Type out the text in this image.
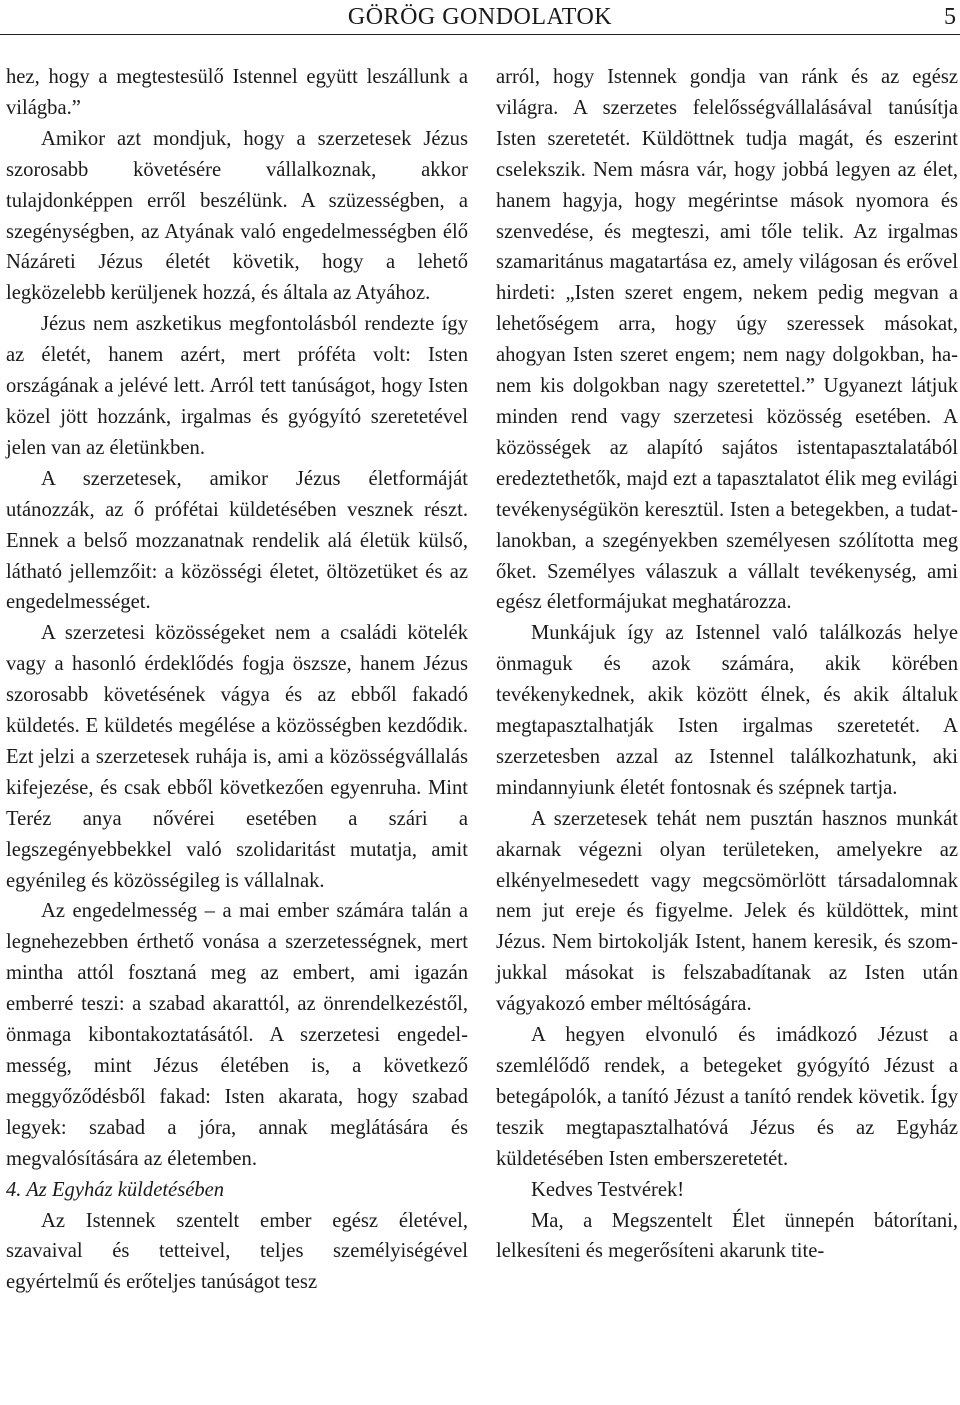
GÖRÖG GONDOLATOK	5

hez, hogy a megtestesülő Istennel együtt leszállunk a világba.”

Amikor azt mondjuk, hogy a szerzetesek Jézus szorosabb követésére vállalkoznak, akkor tulajdonképpen erről beszélünk. A szüzességben, a szegénységben, az Atyának való engedelmességben élő Názáreti Jézus életét követik, hogy a lehető legközelebb kerüljenek hozzá, és általa az Atyához.

Jézus nem aszketikus megfontolásból rendezte így az életét, hanem azért, mert próféta volt: Isten országának a jelévé lett. Arról tett tanúságot, hogy Isten közel jött hozzánk, irgalmas és gyógyító szeretetével jelen van az életünkben.

A szerzetesek, amikor Jézus életformáját utánozzák, az ő prófétai küldetésében vesznek részt. Ennek a belső mozzanatnak rendelik alá életük külső, látható jellemzőit: a közösségi életet, öltözetüket és az engedelmességet.

A szerzetesi közösségeket nem a családi kötelék vagy a hasonló érdeklődés fogja öszsze, hanem Jézus szorosabb követésének vágya és az ebből fakadó küldetés. E küldetés megélése a közösségben kezdődik. Ezt jelzi a szerzetesek ruhája is, ami a közösségvállalás kifejezése, és csak ebből következően egyenruha. Mint Teréz anya nővérei esetében a szári a legszegényebbekkel való szolidaritást mutatja, amit egyénileg és közösségileg is vállalnak.

Az engedelmesség – a mai ember számára talán a legnehezebben érthető vonása a szerzetességnek, mert mintha attól fosztaná meg az embert, ami igazán emberré teszi: a szabad akarattól, az önrendelkezéstől, önmaga kibontakoztatásától. A szerzetesi engedelmesség, mint Jézus életében is, a következő meggyőződésből fakad: Isten akarata, hogy szabad legyek: szabad a jóra, annak meglátására és megvalósítására az életemben.

4. Az Egyház küldetésében

Az Istennek szentelt ember egész életével, szavaival és tetteivel, teljes személyiségével egyértelmű és erőteljes tanúságot tesz

arról, hogy Istennek gondja van ránk és az egész világra. A szerzetes felelősségvállalásával tanúsítja Isten szeretetét. Küldöttnek tudja magát, és eszerint cselekszik. Nem másra vár, hogy jobbá legyen az élet, hanem hagyja, hogy megérintse mások nyomora és szenvedése, és megteszi, ami tőle telik. Az irgalmas szamaritánus magatartása ez, amely világosan és erővel hirdeti: „Isten szeret engem, nekem pedig megvan a lehetőségem arra, hogy úgy szeressek másokat, ahogyan Isten szeret engem; nem nagy dolgokban, hanem kis dolgokban nagy szeretettel.” Ugyanezt látjuk minden rend vagy szerzetesi közösség esetében. A közösségek az alapító sajátos istentapasztalatából eredeztethetők, majd ezt a tapasztalatot élik meg evilági tevékenységükön keresztül. Isten a betegekben, a tudatlanokban, a szegényekben személyesen szólította meg őket. Személyes válaszuk a vállalt tevékenység, ami egész életformájukat meghatározza.

Munkájuk így az Istennel való találkozás helye önmaguk és azok számára, akik körében tevékenykednek, akik között élnek, és akik általuk megtapasztalhatják Isten irgalmas szeretetét. A szerzetesben azzal az Istennel találkozhatunk, aki mindannyiunk életét fontosnak és szépnek tartja.

A szerzetesek tehát nem pusztán hasznos munkát akarnak végezni olyan területeken, amelyekre az elkényelmesedett vagy megcsömörlött társadalomnak nem jut ereje és figyelme. Jelek és küldöttek, mint Jézus. Nem birtokolják Istent, hanem keresik, és szomjukkal másokat is felszabadítanak az Isten után vágyakozó ember méltóságára.

A hegyen elvonuló és imádkozó Jézust a szemlélődő rendek, a betegeket gyógyító Jézust a betegápolók, a tanító Jézust a tanító rendek követik. Így teszik megtapasztalhatóvá Jézus és az Egyház küldetésében Isten emberszeretetét.

Kedves Testvérek!

Ma, a Megszentelt Élet ünnepén bátorítani, lelkesíteni és megerősíteni akarunk tite-
